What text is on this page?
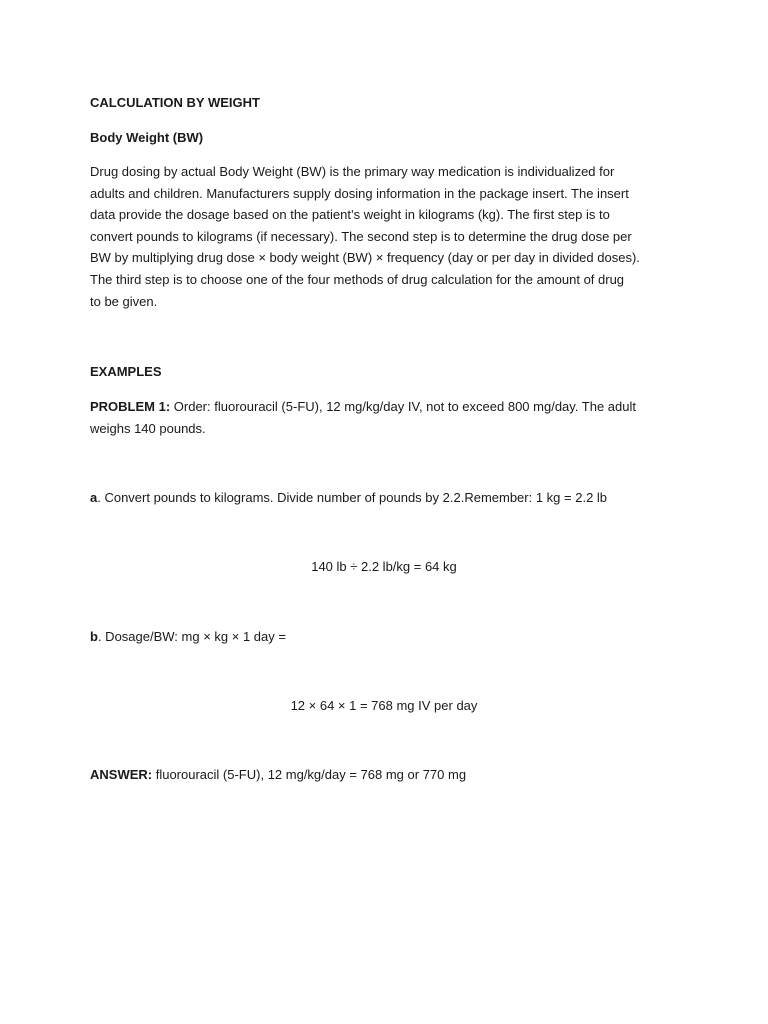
CALCULATION BY WEIGHT
Body Weight (BW)

Drug dosing by actual Body Weight (BW) is the primary way medication is individualized for

adults and children. Manufacturers supply dosing information in the package insert. The insert

data provide the dosage based on the patient’s weight in kilograms (kg). The first step is to

convert pounds to kilograms (if necessary). The second step is to determine the drug dose per

BW by multiplying drug dose × body weight (BW) × frequency (day or per day in divided doses).

The third step is to choose one of the four methods of drug calculation for the amount of drug

to be given.

EXAMPLES
PROBLEM 1: Order: fluorouracil (5-FU), 12 mg/kg/day IV, not to exceed 800 mg/day. The adult
weighs 140 pounds.
a. Convert pounds to kilograms. Divide number of pounds by 2.2.Remember: 1 kg = 2.2 lb
140 lb ÷ 2.2 lb/kg = 64 kg
b. Dosage/BW: mg × kg × 1 day =
12 × 64 × 1 = 768 mg IV per day
ANSWER: fluorouracil (5-FU), 12 mg/kg/day = 768 mg or 770 mg
